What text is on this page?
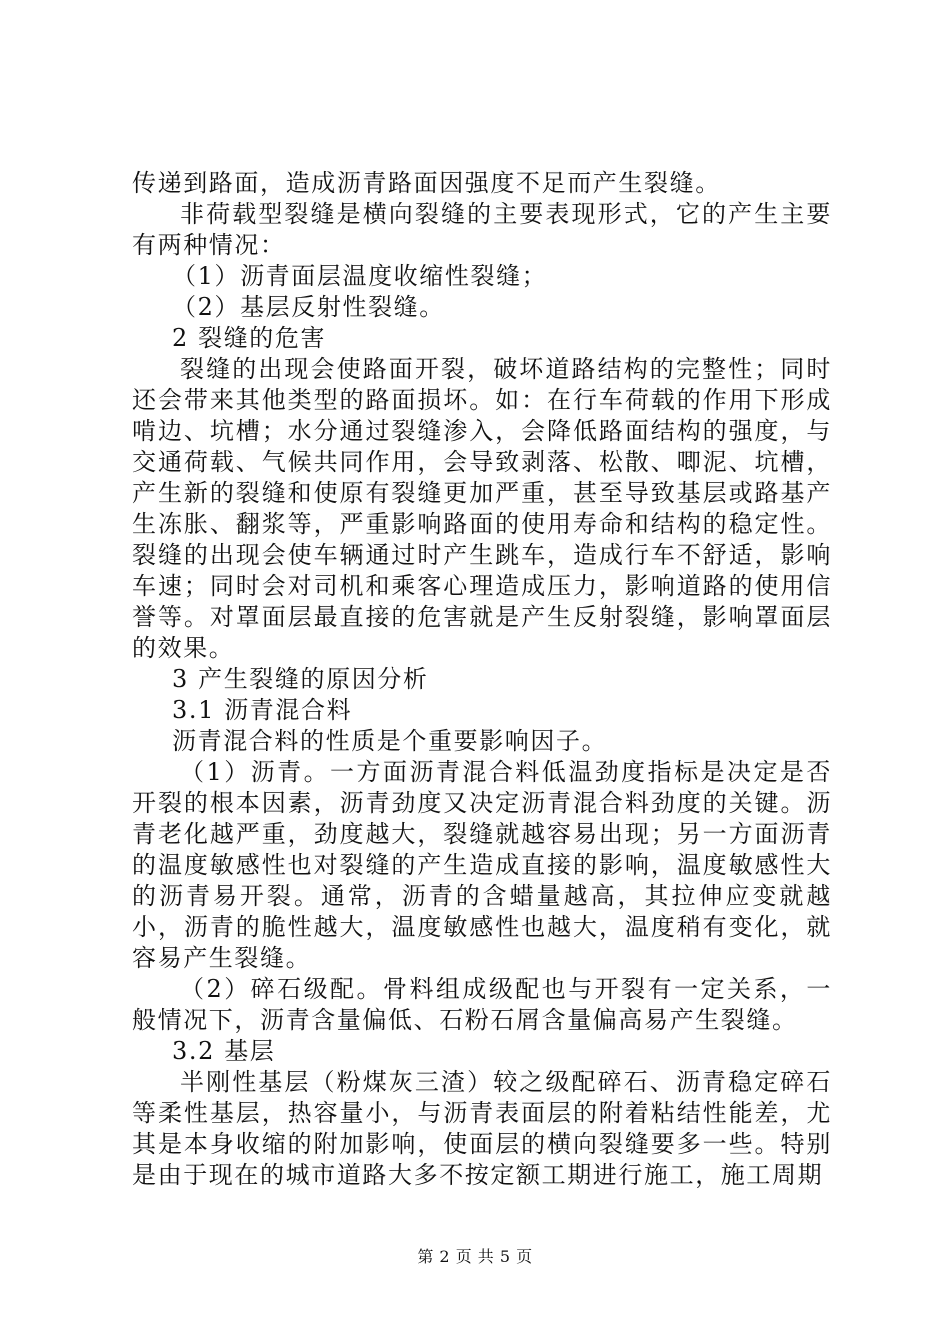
传递到路面，造成沥青路面因强度不足而产生裂缝。

非荷载型裂缝是横向裂缝的主要表现形式，它的产生主要有两种情况：

（1）沥青面层温度收缩性裂缝；

（2）基层反射性裂缝。

2 裂缝的危害

裂缝的出现会使路面开裂，破坏道路结构的完整性；同时还会带来其他类型的路面损坏。如：在行车荷载的作用下形成啃边、坑槽；水分通过裂缝渗入，会降低路面结构的强度，与交通荷载、气候共同作用，会导致剥落、松散、唧泥、坑槽，产生新的裂缝和使原有裂缝更加严重，甚至导致基层或路基产生冻胀、翻浆等，严重影响路面的使用寿命和结构的稳定性。裂缝的出现会使车辆通过时产生跳车，造成行车不舒适，影响车速；同时会对司机和乘客心理造成压力，影响道路的使用信誉等。对罩面层最直接的危害就是产生反射裂缝，影响罩面层的效果。

3 产生裂缝的原因分析

3.1 沥青混合料

沥青混合料的性质是个重要影响因子。

（1）沥青。一方面沥青混合料低温劲度指标是决定是否开裂的根本因素，沥青劲度又决定沥青混合料劲度的关键。沥青老化越严重，劲度越大，裂缝就越容易出现；另一方面沥青的温度敏感性也对裂缝的产生造成直接的影响，温度敏感性大的沥青易开裂。通常，沥青的含蜡量越高，其拉伸应变就越小，沥青的脆性越大，温度敏感性也越大，温度稍有变化，就容易产生裂缝。

（2）碎石级配。骨料组成级配也与开裂有一定关系，一般情况下，沥青含量偏低、石粉石屑含量偏高易产生裂缝。

3.2 基层

半刚性基层（粉煤灰三渣）较之级配碎石、沥青稳定碎石等柔性基层，热容量小，与沥青表面层的附着粘结性能差，尤其是本身收缩的附加影响，使面层的横向裂缝要多一些。特别是由于现在的城市道路大多不按定额工期进行施工，施工周期

第 2 页 共 5 页
